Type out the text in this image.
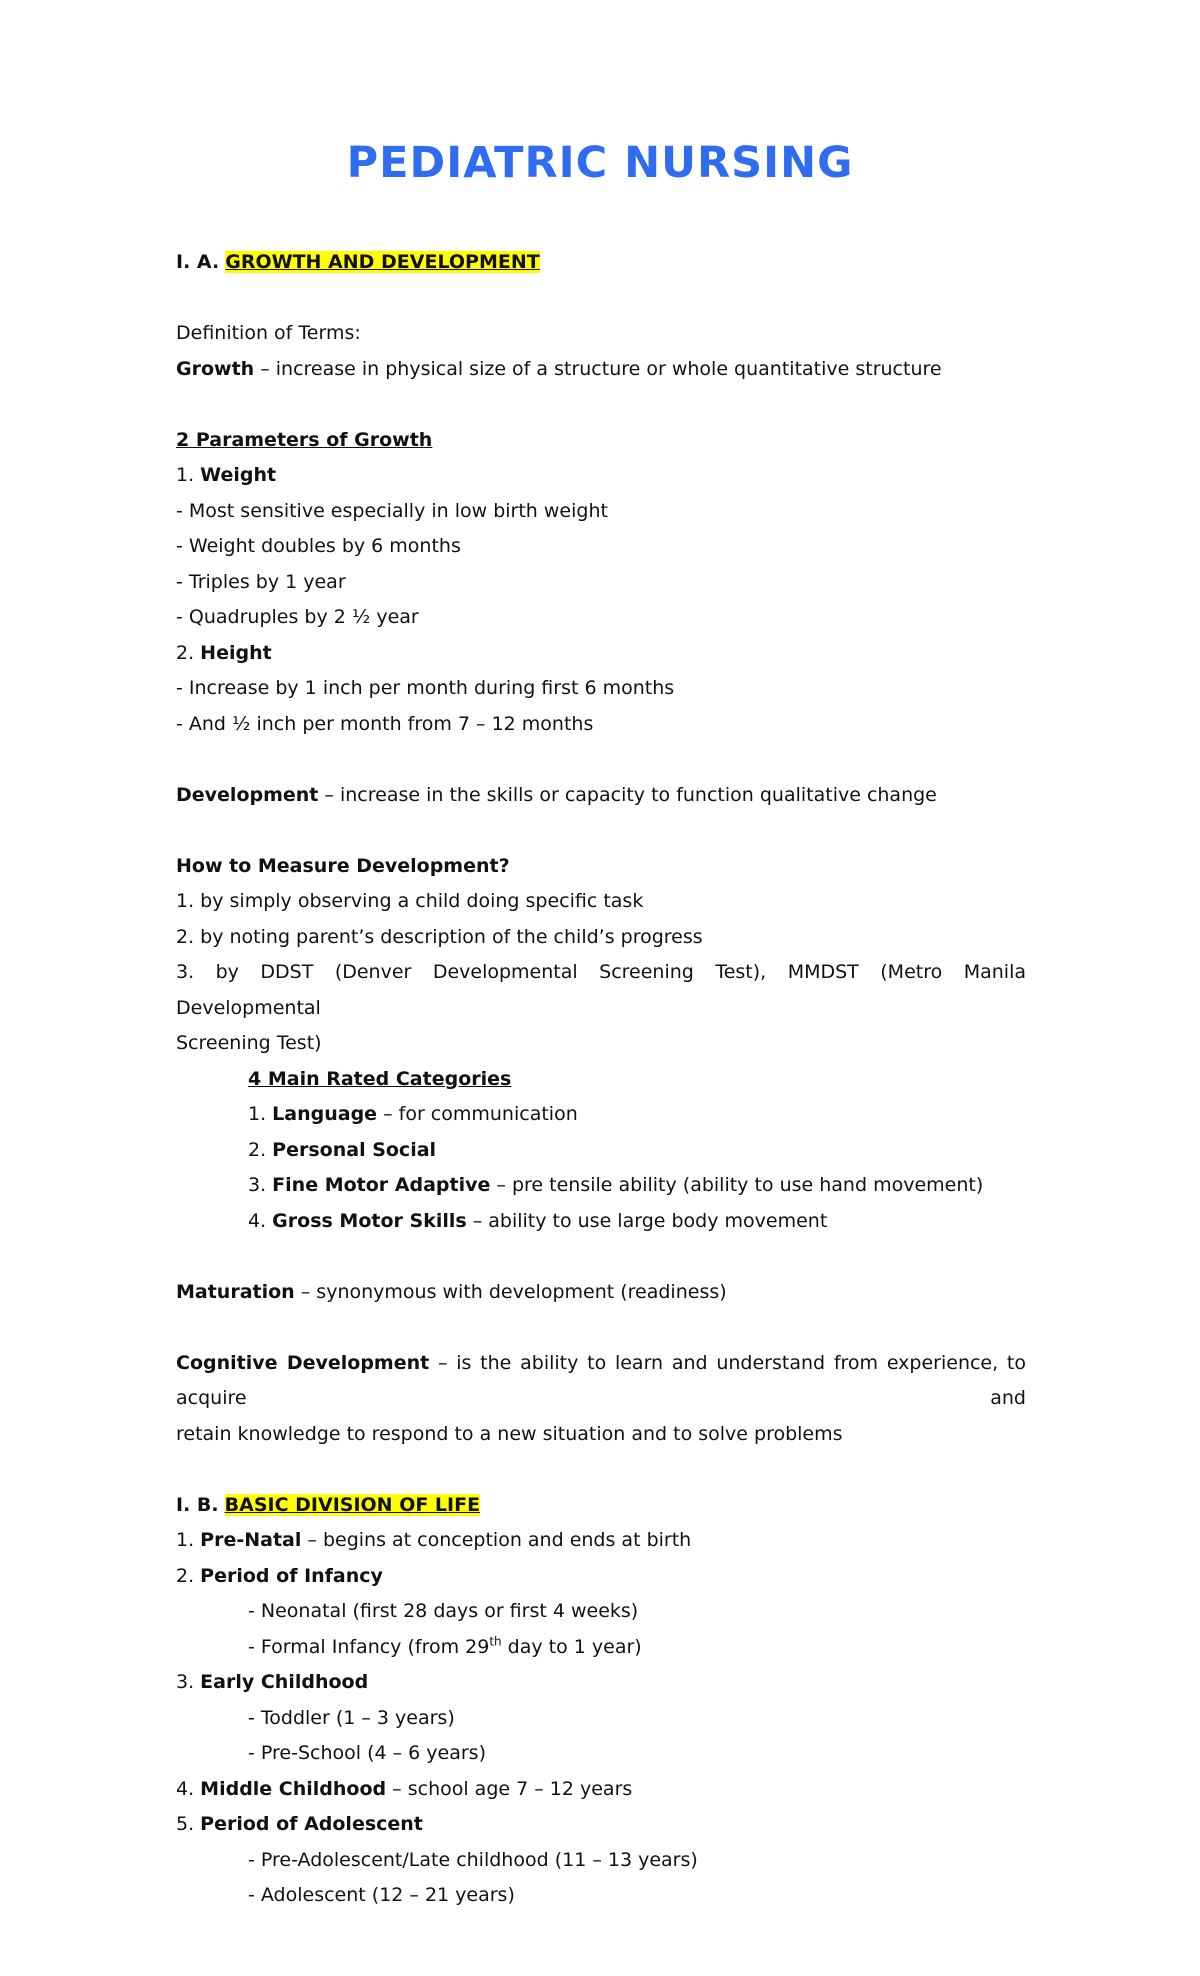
PEDIATRIC NURSING
I. A. GROWTH AND DEVELOPMENT
Definition of Terms:
Growth – increase in physical size of a structure or whole quantitative structure
2 Parameters of Growth
1. Weight
- Most sensitive especially in low birth weight
- Weight doubles by 6 months
- Triples by 1 year
- Quadruples by 2 ½ year
2. Height
- Increase by 1 inch per month during first 6 months
- And ½ inch per month from 7 – 12 months
Development – increase in the skills or capacity to function qualitative change
How to Measure Development?
1. by simply observing a child doing specific task
2. by noting parent’s description of the child’s progress
3. by DDST (Denver Developmental Screening Test), MMDST (Metro Manila Developmental
Screening Test)
4 Main Rated Categories
1. Language – for communication
2. Personal Social
3. Fine Motor Adaptive – pre tensile ability (ability to use hand movement)
4. Gross Motor Skills – ability to use large body movement
Maturation – synonymous with development (readiness)
Cognitive Development – is the ability to learn and understand from experience, to acquire and
retain knowledge to respond to a new situation and to solve problems
I. B. BASIC DIVISION OF LIFE
1. Pre-Natal – begins at conception and ends at birth
2. Period of Infancy
- Neonatal (first 28 days or first 4 weeks)
- Formal Infancy (from 29th day to 1 year)
3. Early Childhood
- Toddler (1 – 3 years)
- Pre-School (4 – 6 years)
4. Middle Childhood – school age 7 – 12 years
5. Period of Adolescent
- Pre-Adolescent/Late childhood (11 – 13 years)
- Adolescent (12 – 21 years)
